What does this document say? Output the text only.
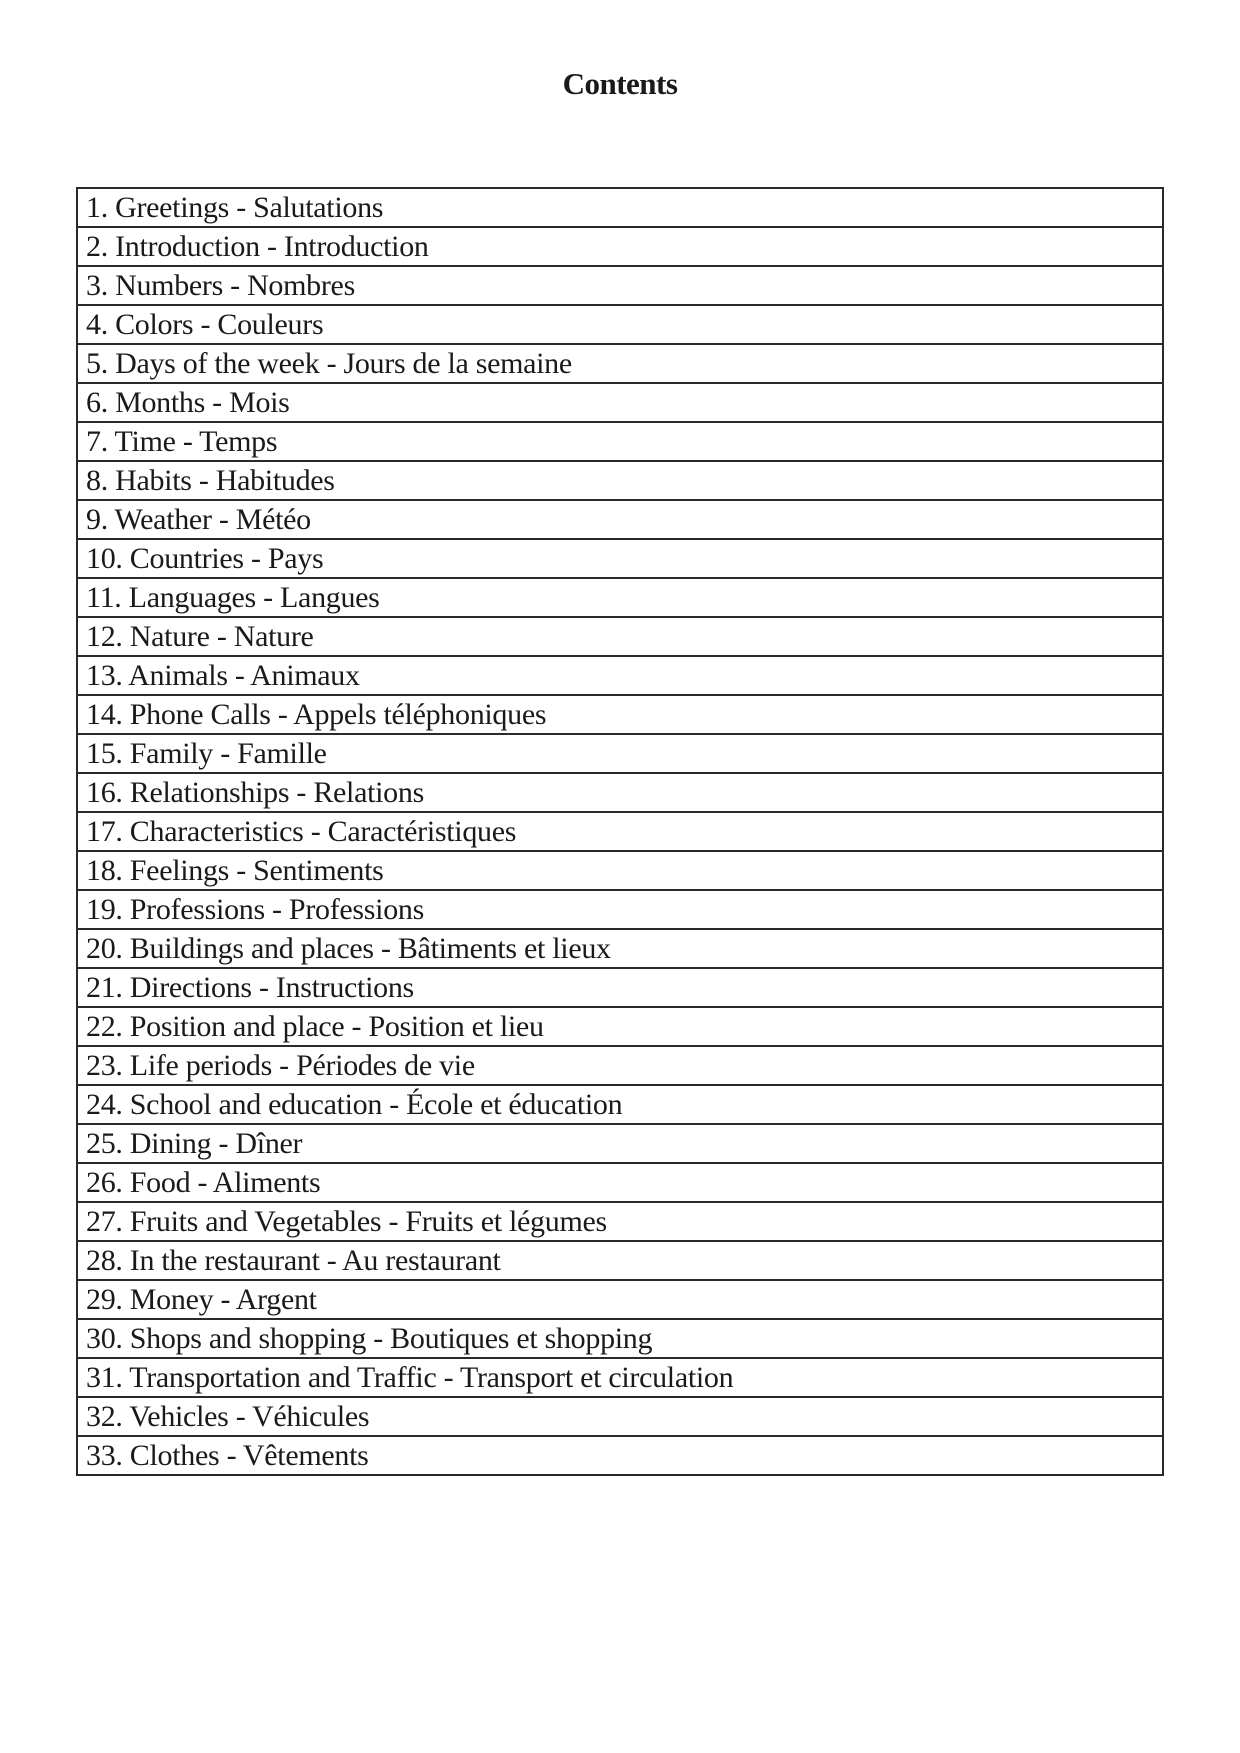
Contents
1. Greetings - Salutations
2. Introduction - Introduction
3. Numbers - Nombres
4. Colors - Couleurs
5. Days of the week - Jours de la semaine
6. Months - Mois
7. Time - Temps
8. Habits - Habitudes
9. Weather - Météo
10. Countries - Pays
11. Languages - Langues
12. Nature - Nature
13. Animals - Animaux
14. Phone Calls - Appels téléphoniques
15. Family - Famille
16. Relationships - Relations
17. Characteristics - Caractéristiques
18. Feelings - Sentiments
19. Professions - Professions
20. Buildings and places - Bâtiments et lieux
21. Directions - Instructions
22. Position and place - Position et lieu
23. Life periods - Périodes de vie
24. School and education - École et éducation
25. Dining - Dîner
26. Food - Aliments
27. Fruits and Vegetables - Fruits et légumes
28. In the restaurant - Au restaurant
29. Money - Argent
30. Shops and shopping - Boutiques et shopping
31. Transportation and Traffic - Transport et circulation
32. Vehicles - Véhicules
33. Clothes - Vêtements
